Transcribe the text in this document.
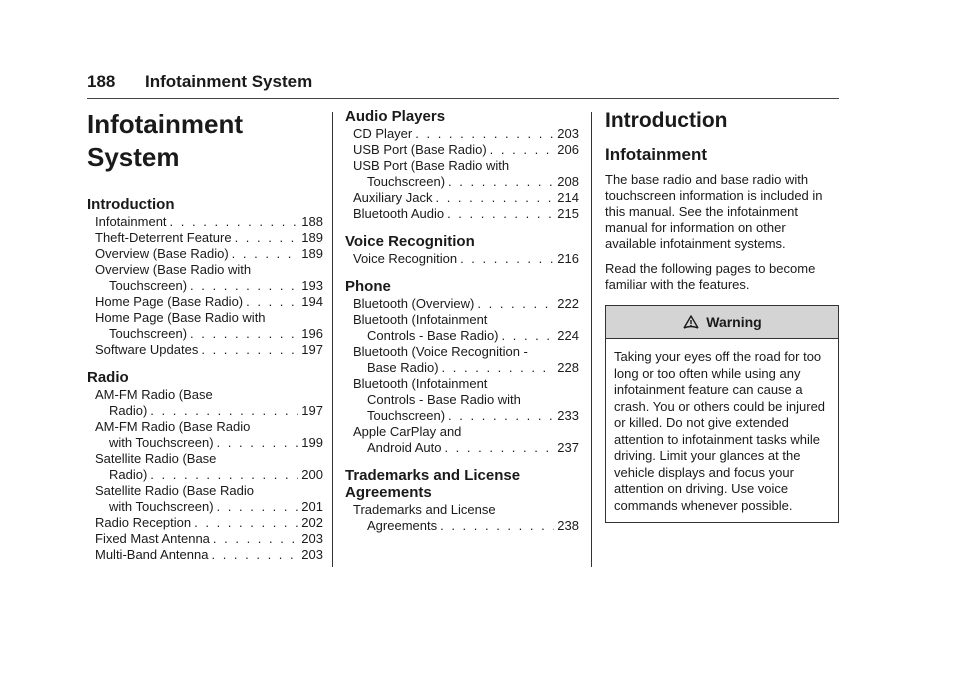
188 Infotainment System
Infotainment
System
Introduction
Infotainment . . .	188
Theft-Deterrent Feature . . .	189
Overview (Base Radio) . . .	189
Overview (Base Radio with
Touchscreen) . . .	193
Home Page (Base Radio) . . .	194
Home Page (Base Radio with
Touchscreen) . . .	196
Software Updates . . .	197
Radio
AM-FM Radio (Base
Radio) . . .	197
AM-FM Radio (Base Radio
with Touchscreen) . . .	199
Satellite Radio (Base
Radio) . . .	200
Satellite Radio (Base Radio
with Touchscreen) . . .	201
Radio Reception . . .	202
Fixed Mast Antenna . . .	203
Multi-Band Antenna . . .	203
Audio Players
CD Player . . .	203
USB Port (Base Radio) . . .	206
USB Port (Base Radio with
Touchscreen) . . .	208
Auxiliary Jack . . .	214
Bluetooth Audio . . .	215
Voice Recognition
Voice Recognition . . .	216
Phone
Bluetooth (Overview) . . .	222
Bluetooth (Infotainment
Controls - Base Radio) . . .	224
Bluetooth (Voice Recognition -
Base Radio) . . .	228
Bluetooth (Infotainment
Controls - Base Radio with
Touchscreen) . . .	233
Apple CarPlay and
Android Auto . . .	237
Trademarks and License
Agreements
Trademarks and License
Agreements . . .	238
Introduction
Infotainment

The base radio and base radio with touchscreen information is included in this manual. See the infotainment manual for information on other available infotainment systems.

Read the following pages to become familiar with the features.

Warning
Taking your eyes off the road for too long or too often while using any infotainment feature can cause a crash. You or others could be injured or killed. Do not give extended attention to infotainment tasks while driving. Limit your glances at the vehicle displays and focus your attention on driving. Use voice commands whenever possible.
